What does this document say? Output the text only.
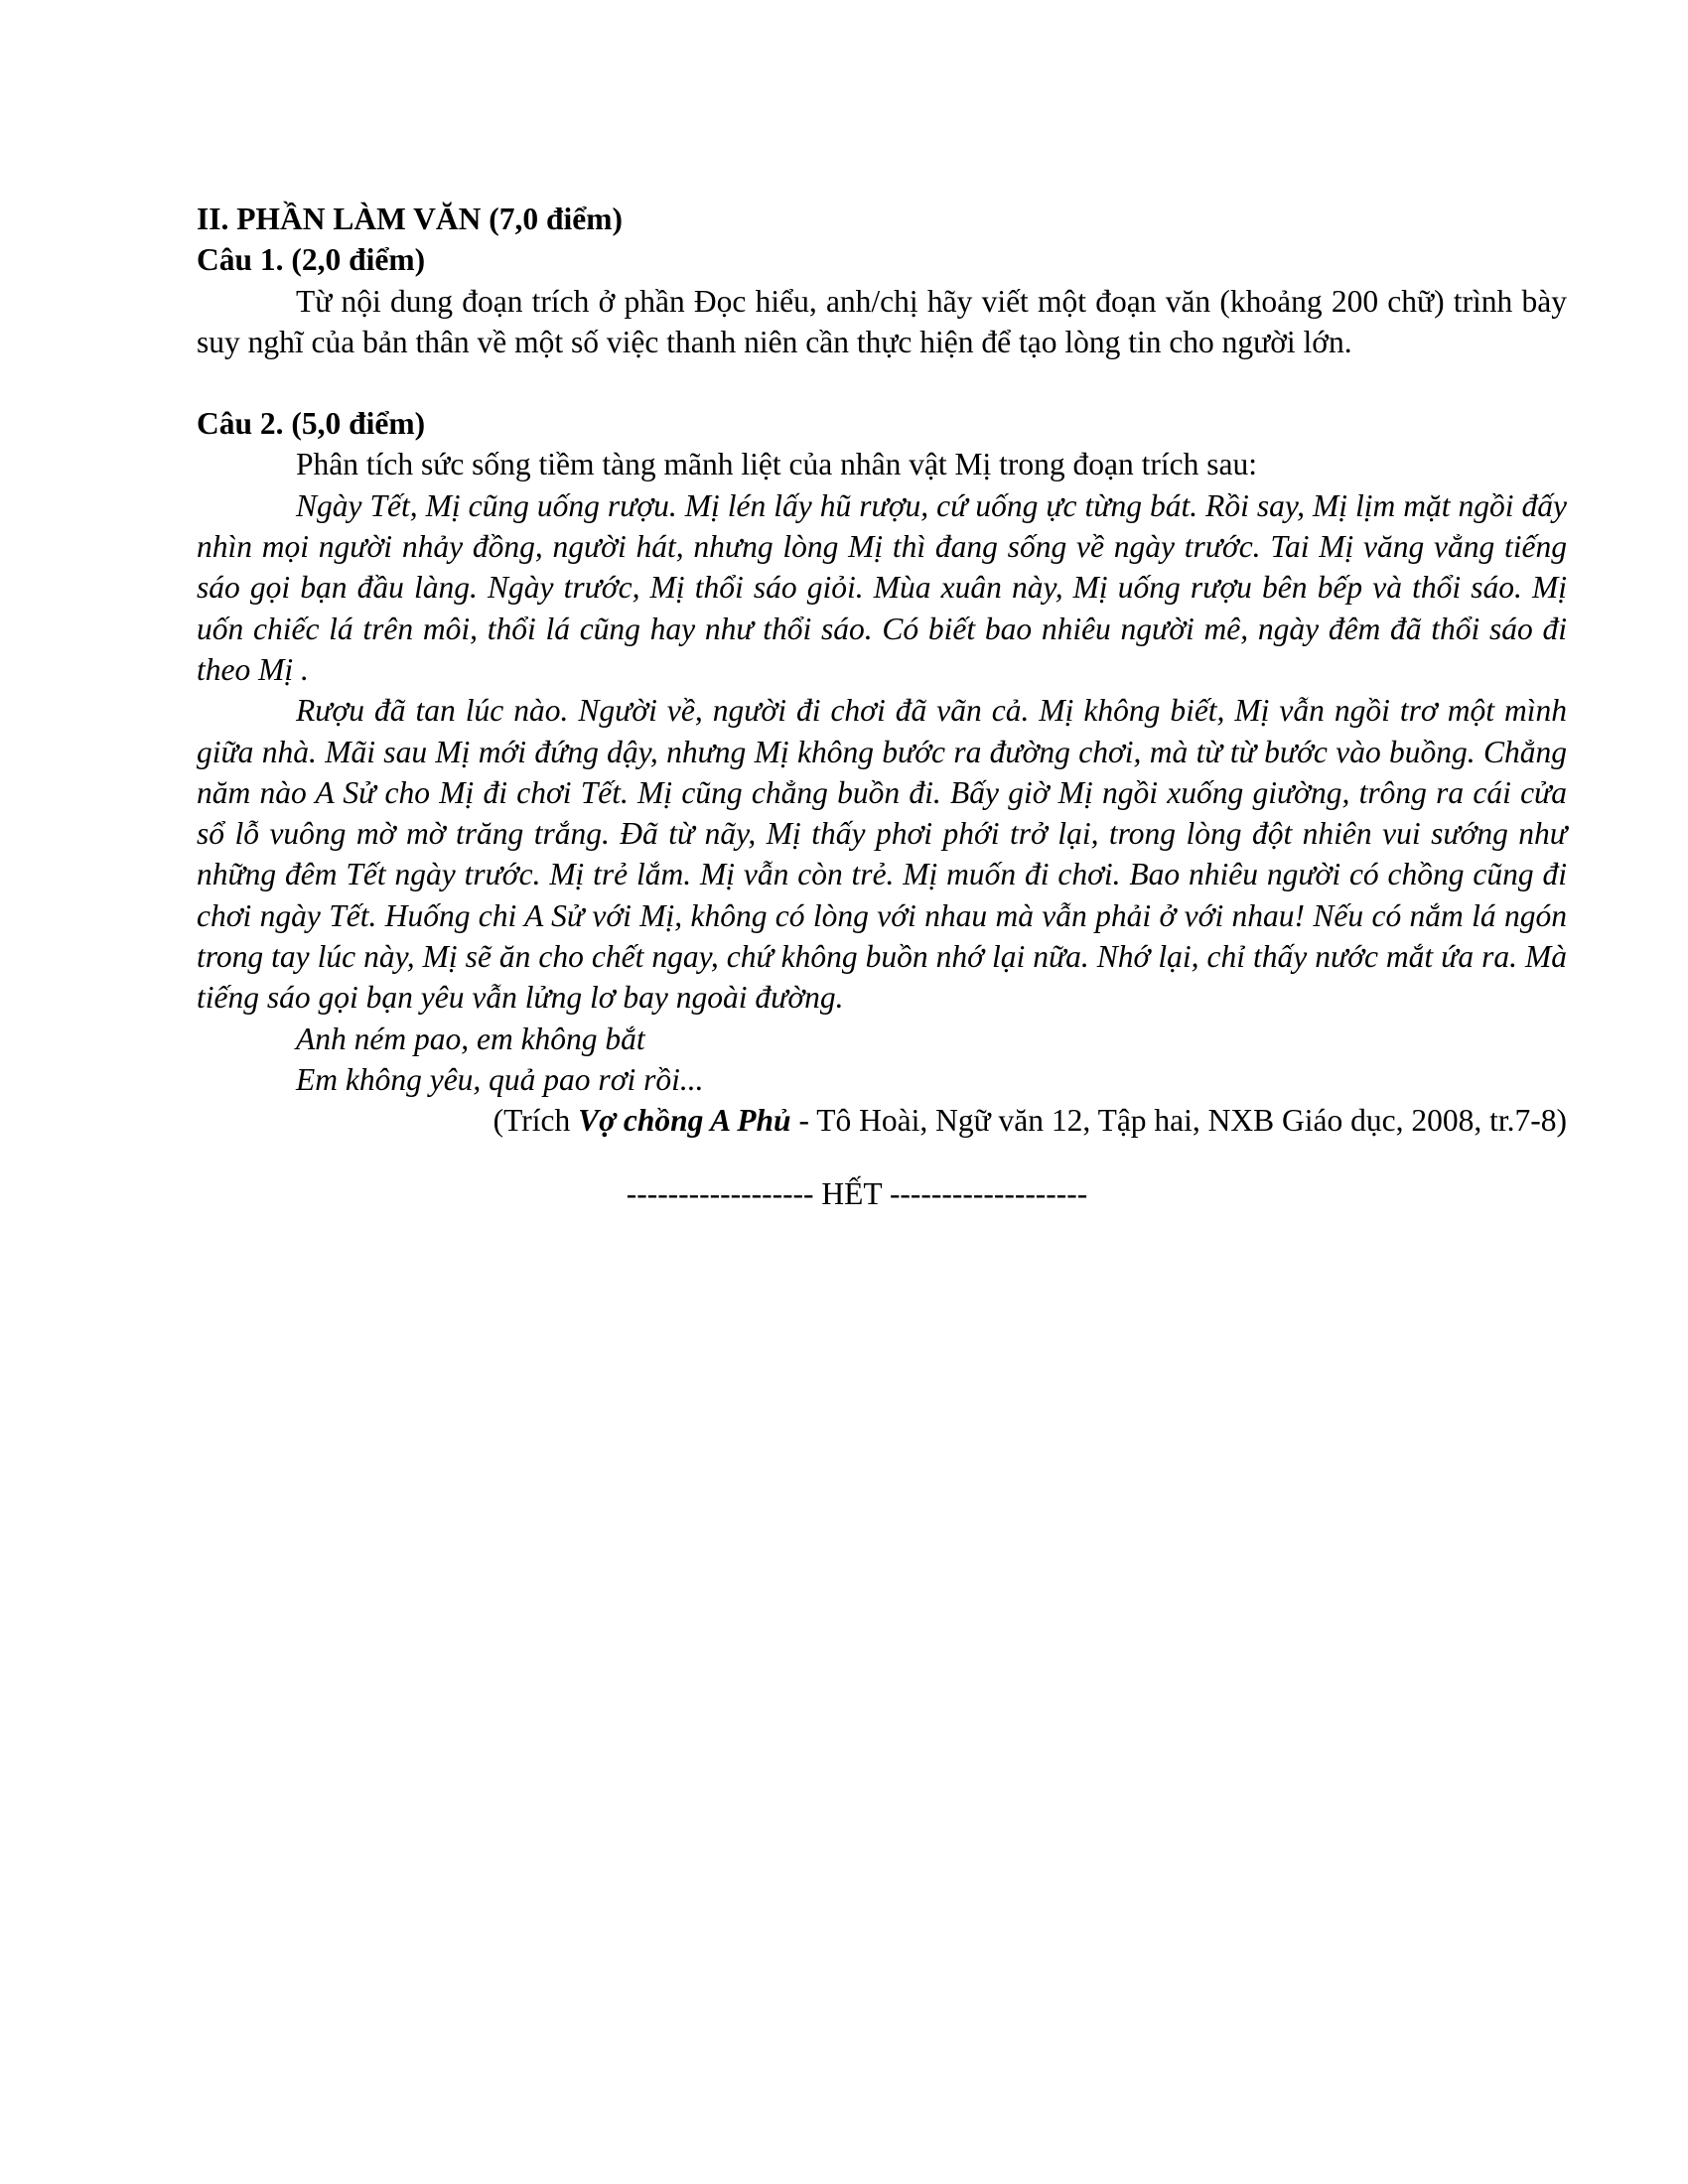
II. PHẦN LÀM VĂN (7,0 điểm)

Câu 1. (2,0 điểm)

Từ nội dung đoạn trích ở phần Đọc hiểu, anh/chị hãy viết một đoạn văn (khoảng 200 chữ) trình bày suy nghĩ của bản thân về một số việc thanh niên cần thực hiện để tạo lòng tin cho người lớn.

Câu 2. (5,0 điểm)

Phân tích sức sống tiềm tàng mãnh liệt của nhân vật Mị trong đoạn trích sau:

Ngày Tết, Mị cũng uống rượu. Mị lén lấy hũ rượu, cứ uống ực từng bát. Rồi say, Mị lịm mặt ngồi đấy nhìn mọi người nhảy đồng, người hát, nhưng lòng Mị thì đang sống về ngày trước. Tai Mị văng vẳng tiếng sáo gọi bạn đầu làng. Ngày trước, Mị thổi sáo giỏi. Mùa xuân này, Mị uống rượu bên bếp và thổi sáo. Mị uốn chiếc lá trên môi, thổi lá cũng hay như thổi sáo. Có biết bao nhiêu người mê, ngày đêm đã thổi sáo đi theo Mị .

Rượu đã tan lúc nào. Người về, người đi chơi đã vãn cả. Mị không biết, Mị vẫn ngồi trơ một mình giữa nhà. Mãi sau Mị mới đứng dậy, nhưng Mị không bước ra đường chơi, mà từ từ bước vào buồng. Chẳng năm nào A Sử cho Mị đi chơi Tết. Mị cũng chẳng buồn đi. Bấy giờ Mị ngồi xuống giường, trông ra cái cửa sổ lỗ vuông mờ mờ trăng trắng. Đã từ nãy, Mị thấy phơi phới trở lại, trong lòng đột nhiên vui sướng như những đêm Tết ngày trước. Mị trẻ lắm. Mị vẫn còn trẻ. Mị muốn đi chơi. Bao nhiêu người có chồng cũng đi chơi ngày Tết. Huống chi A Sử với Mị, không có lòng với nhau mà vẫn phải ở với nhau! Nếu có nắm lá ngón trong tay lúc này, Mị sẽ ăn cho chết ngay, chứ không buồn nhớ lại nữa. Nhớ lại, chỉ thấy nước mắt ứa ra. Mà tiếng sáo gọi bạn yêu vẫn lửng lơ bay ngoài đường.

Anh ném pao, em không bắt

Em không yêu, quả pao rơi rồi...

(Trích Vợ chồng A Phủ - Tô Hoài, Ngữ văn 12, Tập hai, NXB Giáo dục, 2008, tr.7-8)

------------------ HẾT -------------------
